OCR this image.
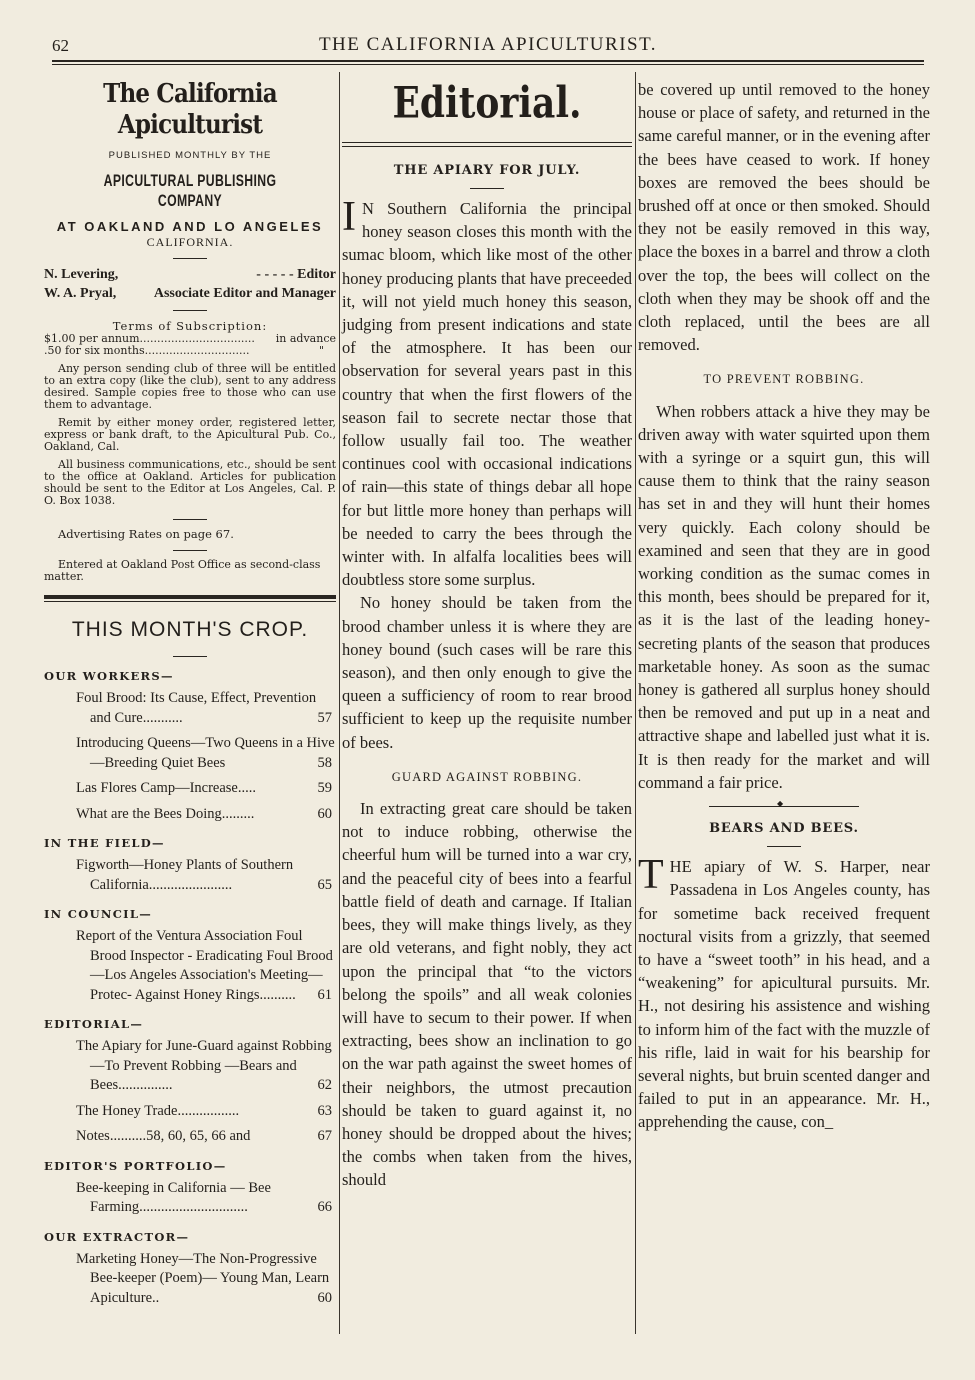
62	THE CALIFORNIA APICULTURIST.
The California Apiculturist
PUBLISHED MONTHLY BY THE
APICULTURAL PUBLISHING COMPANY
AT OAKLAND AND LO ANGELES
CALIFORNIA.
N. Levering,	- - - - - Editor
W. A. Pryal,	Associate Editor and Manager
Terms of Subscription:
$1.00 per annum................................. in advance
.50 for six months..............................	"
Any person sending club of three will be entitled to an extra copy (like the club), sent to any address desired. Sample copies free to those who can use them to advantage.
Remit by either money order, registered letter, express or bank draft, to the Apicultural Pub. Co., Oakland, Cal.
All business communications, etc., should be sent to the office at Oakland. Articles for publication should be sent to the Editor at Los Angeles, Cal. P. O. Box 1038.
Advertising Rates on page 67.
Entered at Oakland Post Office as second-class matter.
THIS MONTH'S CROP.
OUR WORKERS—
Foul Brood: Its Cause, Effect, Prevention and Cure...........	57
Introducing Queens—Two Queens in a Hive—Breeding Quiet Bees	58
Las Flores Camp—Increase.....	59
What are the Bees Doing.........	60
IN THE FIELD—
Figworth—Honey Plants of Southern California.......................	65
IN COUNCIL—
Report of the Ventura Association Foul Brood Inspector - Eradicating Foul Brood—Los Angeles Association's Meeting—Protec- Against Honey Rings.......... 61
EDITORIAL—
The Apiary for June-Guard against Robbing—To Prevent Robbing —Bears and Bees...............	62
The Honey Trade.................	63
Notes..........58, 60, 65, 66 and	67
EDITOR'S PORTFOLIO—
Bee-keeping in California — Bee Farming..............................	66
OUR EXTRACTOR—
Marketing Honey—The Non-Progressive Bee-keeper (Poem)— Young Man, Learn Apiculture..	60
Editorial.
THE APIARY FOR JULY.

I N Southern California the principal honey season closes this month with the sumac bloom, which like most of the other honey producing plants that have preceeded it, will not yield much honey this season, judging from present indications and state of the atmosphere. It has been our observation for several years past in this country that when the first flowers of the season fail to secrete nectar those that follow usually fail too. The weather continues cool with occasional indications of rain—this state of things debar all hope for but little more honey than perhaps will be needed to carry the bees through the winter with. In alfalfa localities bees will doubtless store some surplus.

No honey should be taken from the brood chamber unless it is where they are honey bound (such cases will be rare this season), and then only enough to give the queen a sufficiency of room to rear brood sufficient to keep up the requisite number of bees.

GUARD AGAINST ROBBING.

In extracting great care should be taken not to induce robbing, otherwise the cheerful hum will be turned into a war cry, and the peaceful city of bees into a fearful battle field of death and carnage. If Italian bees, they will make things lively, as they are old veterans, and fight nobly, they act upon the principal that “to the victors belong the spoils” and all weak colonies will have to secum to their power. If when extracting, bees show an inclination to go on the war path against the sweet homes of their neighbors, the utmost precaution should be taken to guard against it, no honey should be dropped about the hives; the combs when taken from the hives, should

be covered up until removed to the honey house or place of safety, and returned in the same careful manner, or in the evening after the bees have ceased to work. If honey boxes are removed the bees should be brushed off at once or then smoked. Should they not be easily removed in this way, place the boxes in a barrel and throw a cloth over the top, the bees will collect on the cloth when they may be shook off and the cloth replaced, until the bees are all removed.

TO PREVENT ROBBING.

When robbers attack a hive they may be driven away with water squirted upon them with a syringe or a squirt gun, this will cause them to think that the rainy season has set in and they will hunt their homes very quickly. Each colony should be examined and seen that they are in good working condition as the sumac comes in this month, bees should be prepared for it, as it is the last of the leading honey-secreting plants of the season that produces marketable honey. As soon as the sumac honey is gathered all surplus honey should then be removed and put up in a neat and attractive shape and labelled just what it is. It is then ready for the market and will command a fair price.

◆
BEARS AND BEES.

THE apiary of W. S. Harper, near Passadena in Los Angeles county, has for sometime back received frequent noctural visits from a grizzly, that seemed to have a “sweet tooth” in his head, and a “weakening” for apicultural pursuits. Mr. H., not desiring his assistence and wishing to inform him of the fact with the muzzle of his rifle, laid in wait for his bearship for several nights, but bruin scented danger and failed to put in an appearance. Mr. H., apprehending the cause, con_
